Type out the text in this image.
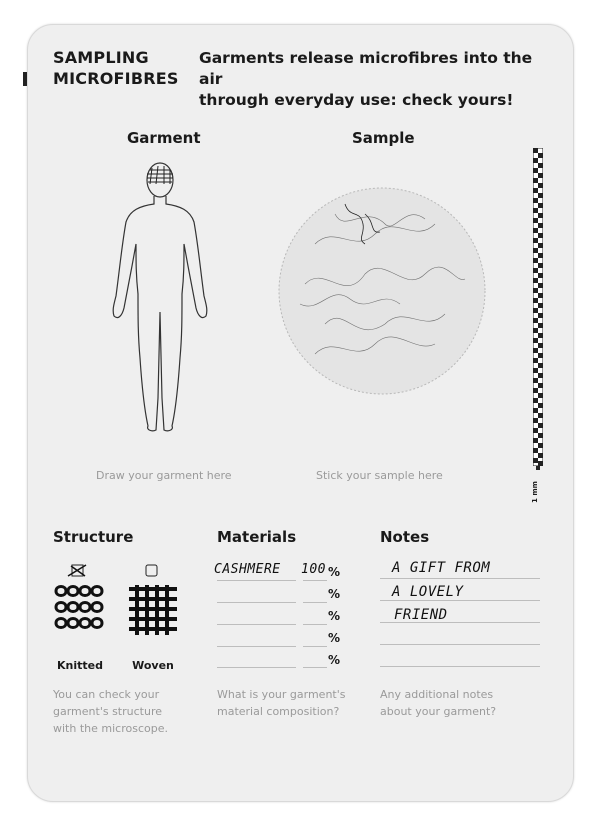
SAMPLING
MICROFIBRES
Garments release microfibres into the air
through everyday use: check yours!
Garment	Sample
1 mm
Draw your garment here	Stick your sample here
Structure
Knitted	Woven
You can check your
garment's structure
with the microscope.
Materials
CASHMERE 100 %
%
%
%
%
What is your garment's
material composition?
Notes
A GIFT FROM
A LOVELY
FRIEND
Any additional notes
about your garment?
